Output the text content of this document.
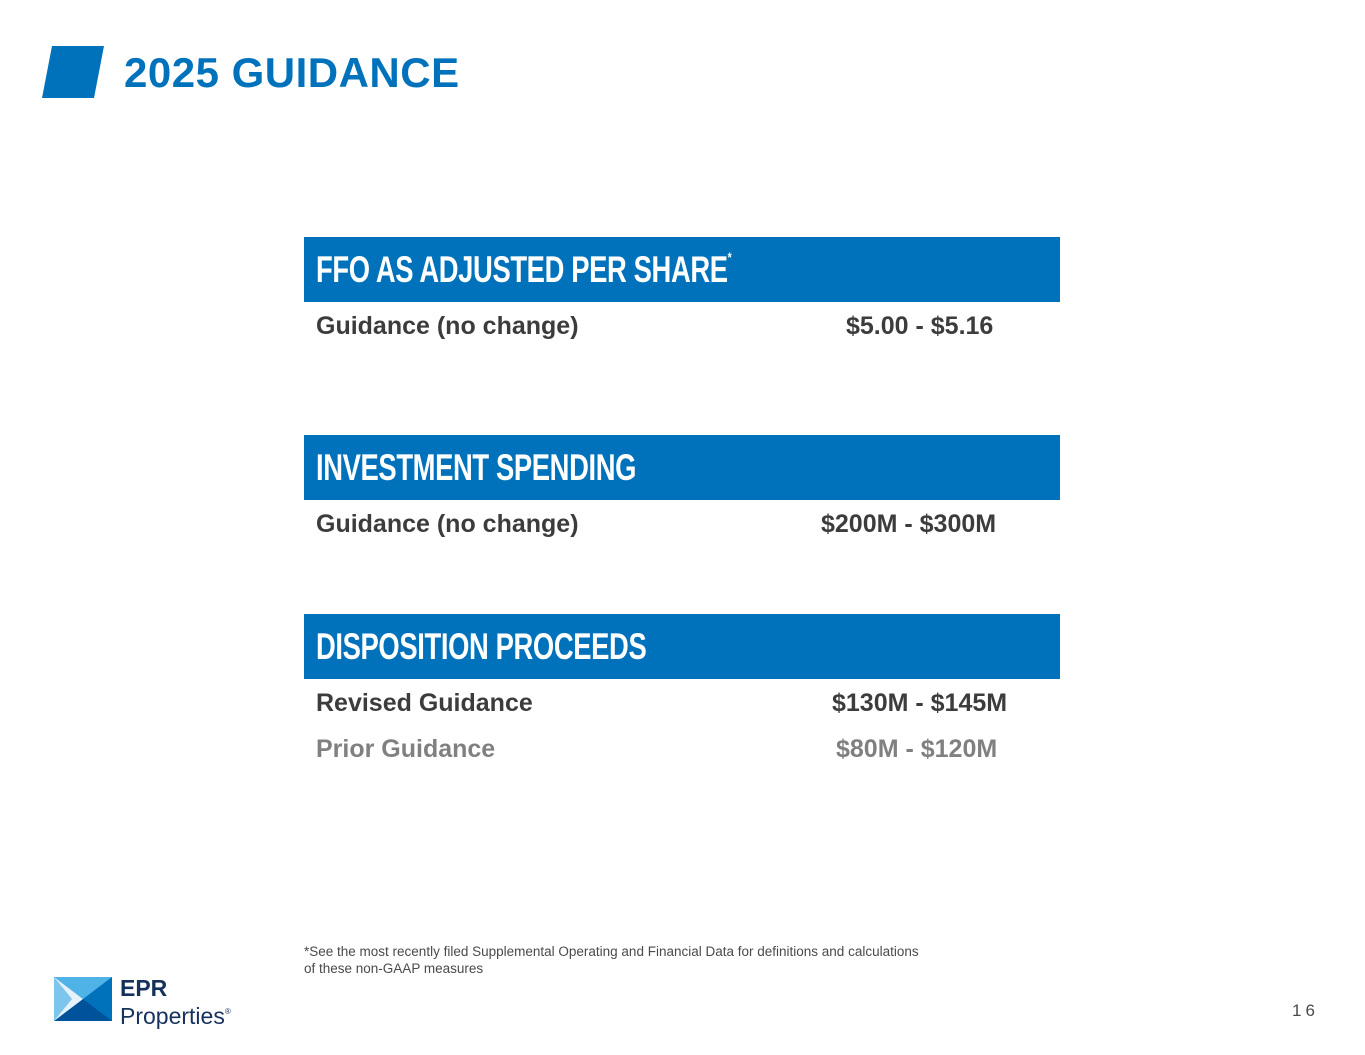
2025 GUIDANCE
FFO AS ADJUSTED PER SHARE*
Guidance (no change)	$5.00 - $5.16
INVESTMENT SPENDING
Guidance (no change)	$200M - $300M
DISPOSITION PROCEEDS
Revised Guidance	$130M - $145M
Prior Guidance	$80M - $120M
*See the most recently filed Supplemental Operating and Financial Data for definitions and calculations
of these non-GAAP measures
EPR
Properties®	16
